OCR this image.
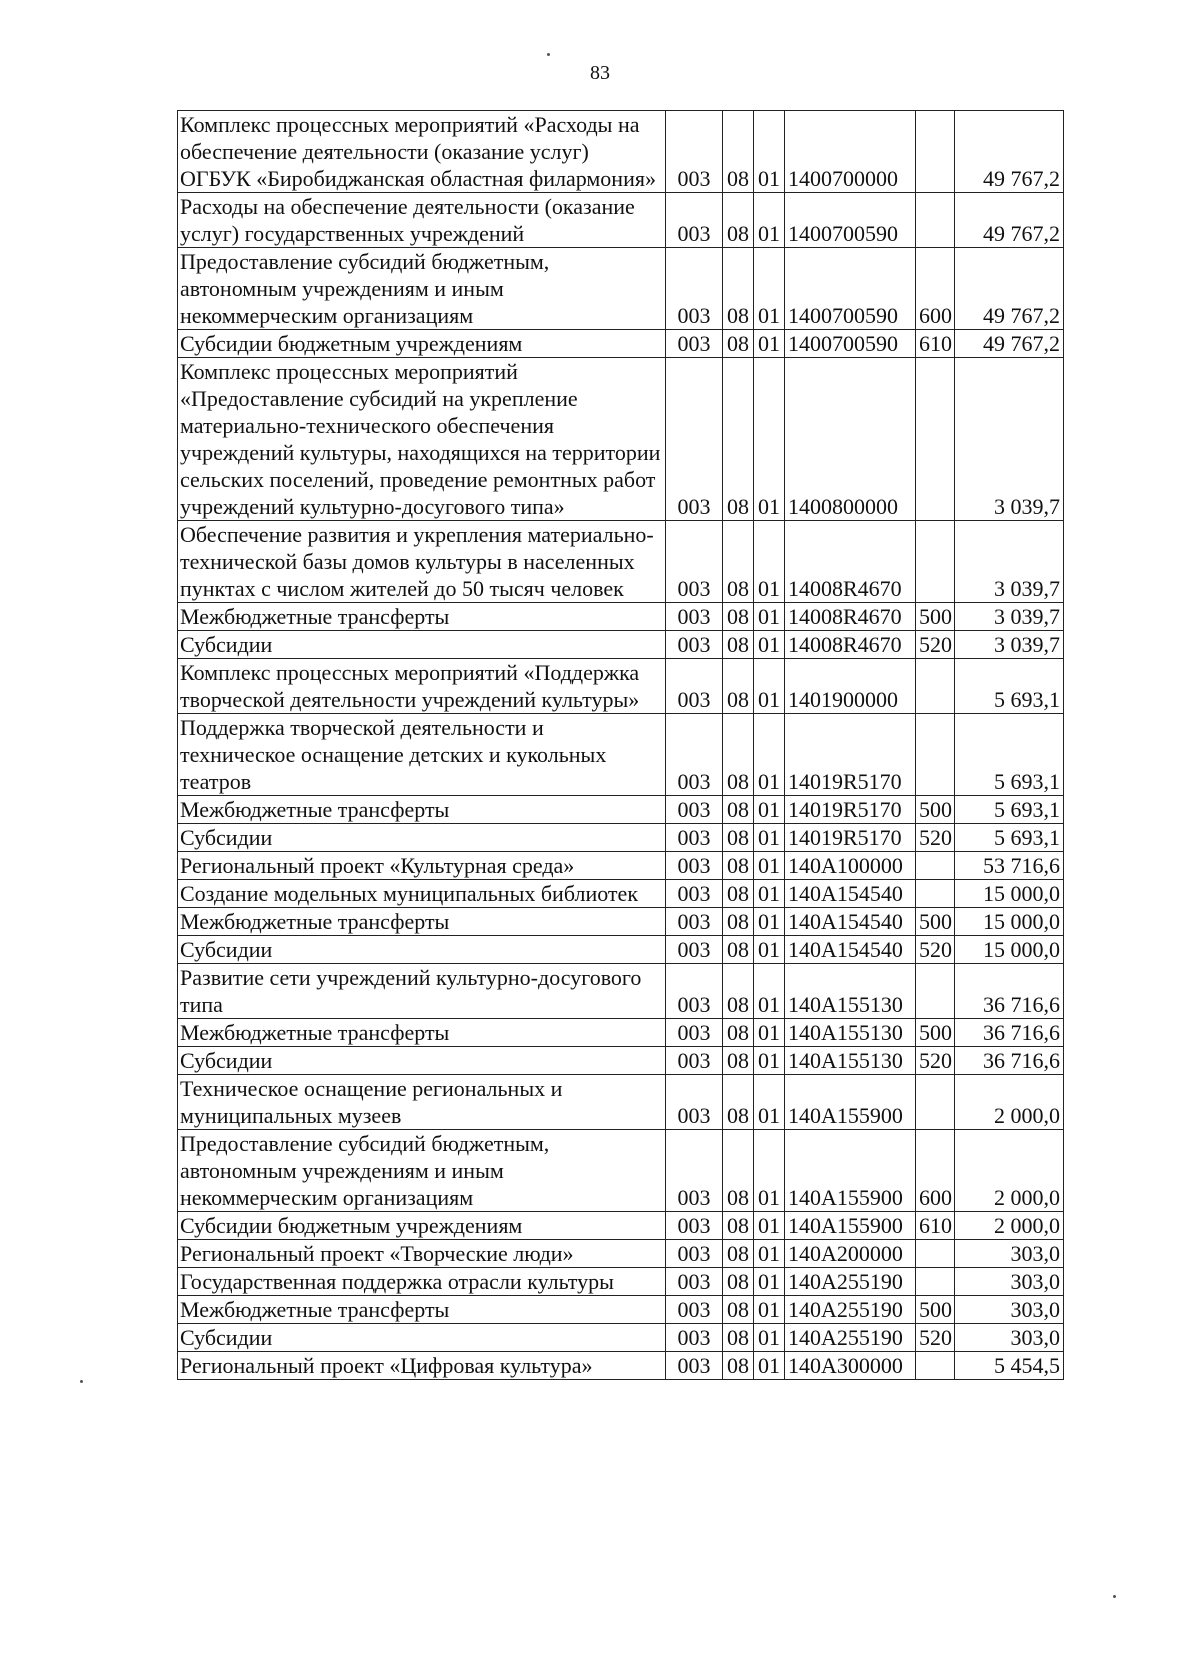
83
Комплекс процессных мероприятий «Расходы на обеспечение деятельности (оказание услуг) ОГБУК «Биробиджанская областная филармония»	003	08	01	1400700000		49 767,2
Расходы на обеспечение деятельности (оказание услуг) государственных учреждений	003	08	01	1400700590		49 767,2
Предоставление субсидий бюджетным, автономным учреждениям и иным некоммерческим организациям	003	08	01	1400700590	600	49 767,2
Субсидии бюджетным учреждениям	003	08	01	1400700590	610	49 767,2
Комплекс процессных мероприятий «Предоставление субсидий на укрепление материально-технического обеспечения учреждений культуры, находящихся на территории сельских поселений, проведение ремонтных работ учреждений культурно-досугового типа»	003	08	01	1400800000		3 039,7
Обеспечение развития и укрепления материально-технической базы домов культуры в населенных пунктах с числом жителей до 50 тысяч человек	003	08	01	14008R4670		3 039,7
Межбюджетные трансферты	003	08	01	14008R4670	500	3 039,7
Субсидии	003	08	01	14008R4670	520	3 039,7
Комплекс процессных мероприятий «Поддержка творческой деятельности учреждений культуры»	003	08	01	1401900000		5 693,1
Поддержка творческой деятельности и техническое оснащение детских и кукольных театров	003	08	01	14019R5170		5 693,1
Межбюджетные трансферты	003	08	01	14019R5170	500	5 693,1
Субсидии	003	08	01	14019R5170	520	5 693,1
Региональный проект «Культурная среда»	003	08	01	140A100000		53 716,6
Создание модельных муниципальных библиотек	003	08	01	140A154540		15 000,0
Межбюджетные трансферты	003	08	01	140A154540	500	15 000,0
Субсидии	003	08	01	140A154540	520	15 000,0
Развитие сети учреждений культурно-досугового типа	003	08	01	140A155130		36 716,6
Межбюджетные трансферты	003	08	01	140A155130	500	36 716,6
Субсидии	003	08	01	140A155130	520	36 716,6
Техническое оснащение региональных и муниципальных музеев	003	08	01	140A155900		2 000,0
Предоставление субсидий бюджетным, автономным учреждениям и иным некоммерческим организациям	003	08	01	140A155900	600	2 000,0
Субсидии бюджетным учреждениям	003	08	01	140A155900	610	2 000,0
Региональный проект «Творческие люди»	003	08	01	140A200000		303,0
Государственная поддержка отрасли культуры	003	08	01	140A255190		303,0
Межбюджетные трансферты	003	08	01	140A255190	500	303,0
Субсидии	003	08	01	140A255190	520	303,0
Региональный проект «Цифровая культура»	003	08	01	140A300000		5 454,5
